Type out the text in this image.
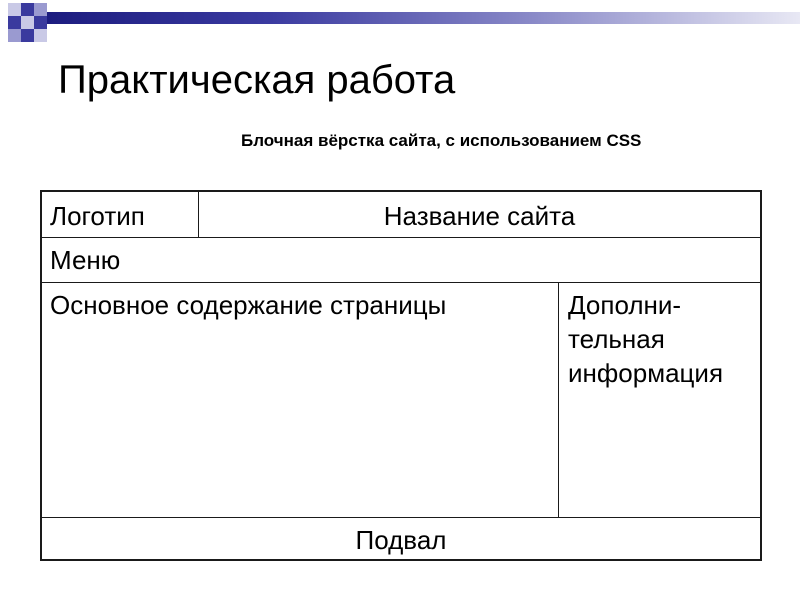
Практическая работа
Блочная вёрстка сайта, с использованием CSS
Логотип	Название сайта
Меню
Основное содержание страницы	Дополни-
тельная
информация
Подвал
